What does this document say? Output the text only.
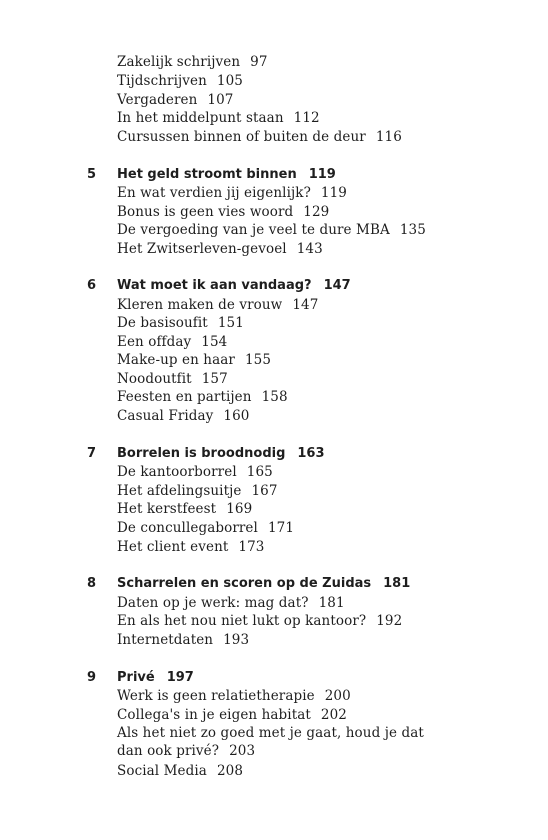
Zakelijk schrijven 97
Tijdschrijven 105
Vergaderen 107
In het middelpunt staan 112
Cursussen binnen of buiten de deur 116
5 Het geld stroomt binnen 119
En wat verdien jij eigenlijk? 119
Bonus is geen vies woord 129
De vergoeding van je veel te dure MBA 135
Het Zwitserleven-gevoel 143
6 Wat moet ik aan vandaag? 147
Kleren maken de vrouw 147
De basisoufit 151
Een offday 154
Make-up en haar 155
Noodoutfit 157
Feesten en partijen 158
Casual Friday 160
7 Borrelen is broodnodig 163
De kantoorborrel 165
Het afdelingsuitje 167
Het kerstfeest 169
De concullegaborrel 171
Het client event 173
8 Scharrelen en scoren op de Zuidas 181
Daten op je werk: mag dat? 181
En als het nou niet lukt op kantoor? 192
Internetdaten 193
9 Privé 197
Werk is geen relatietherapie 200
Collega's in je eigen habitat 202
Als het niet zo goed met je gaat, houd je dat dan ook privé? 203
Social Media 208
